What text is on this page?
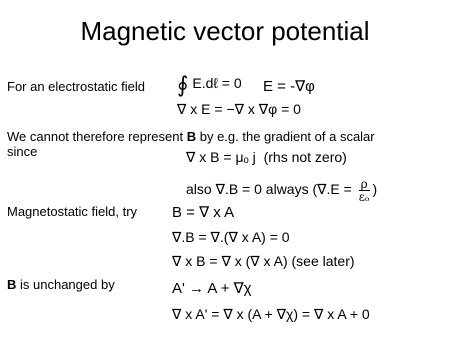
Magnetic vector potential
For an electrostatic field ∮ E.dℓ = 0 E = -∇φ
∇ x E = −∇ x ∇φ = 0
We cannot therefore represent B by e.g. the gradient of a scalar
since	∇ x B = μₒ j (rhs not zero)
also ∇.B = 0 always ($\nabla.E = \frac{\rho}{\text{εₒ}}$ )
Magnetostatic field, try B = ∇ x A
∇.B = ∇.(∇ x A) = 0
∇ x B = ∇ x (∇ x A) (see later)
B is unchanged by	A' → A + ∇χ
∇ x A' = ∇ x (A + ∇χ) = ∇ x A + 0
